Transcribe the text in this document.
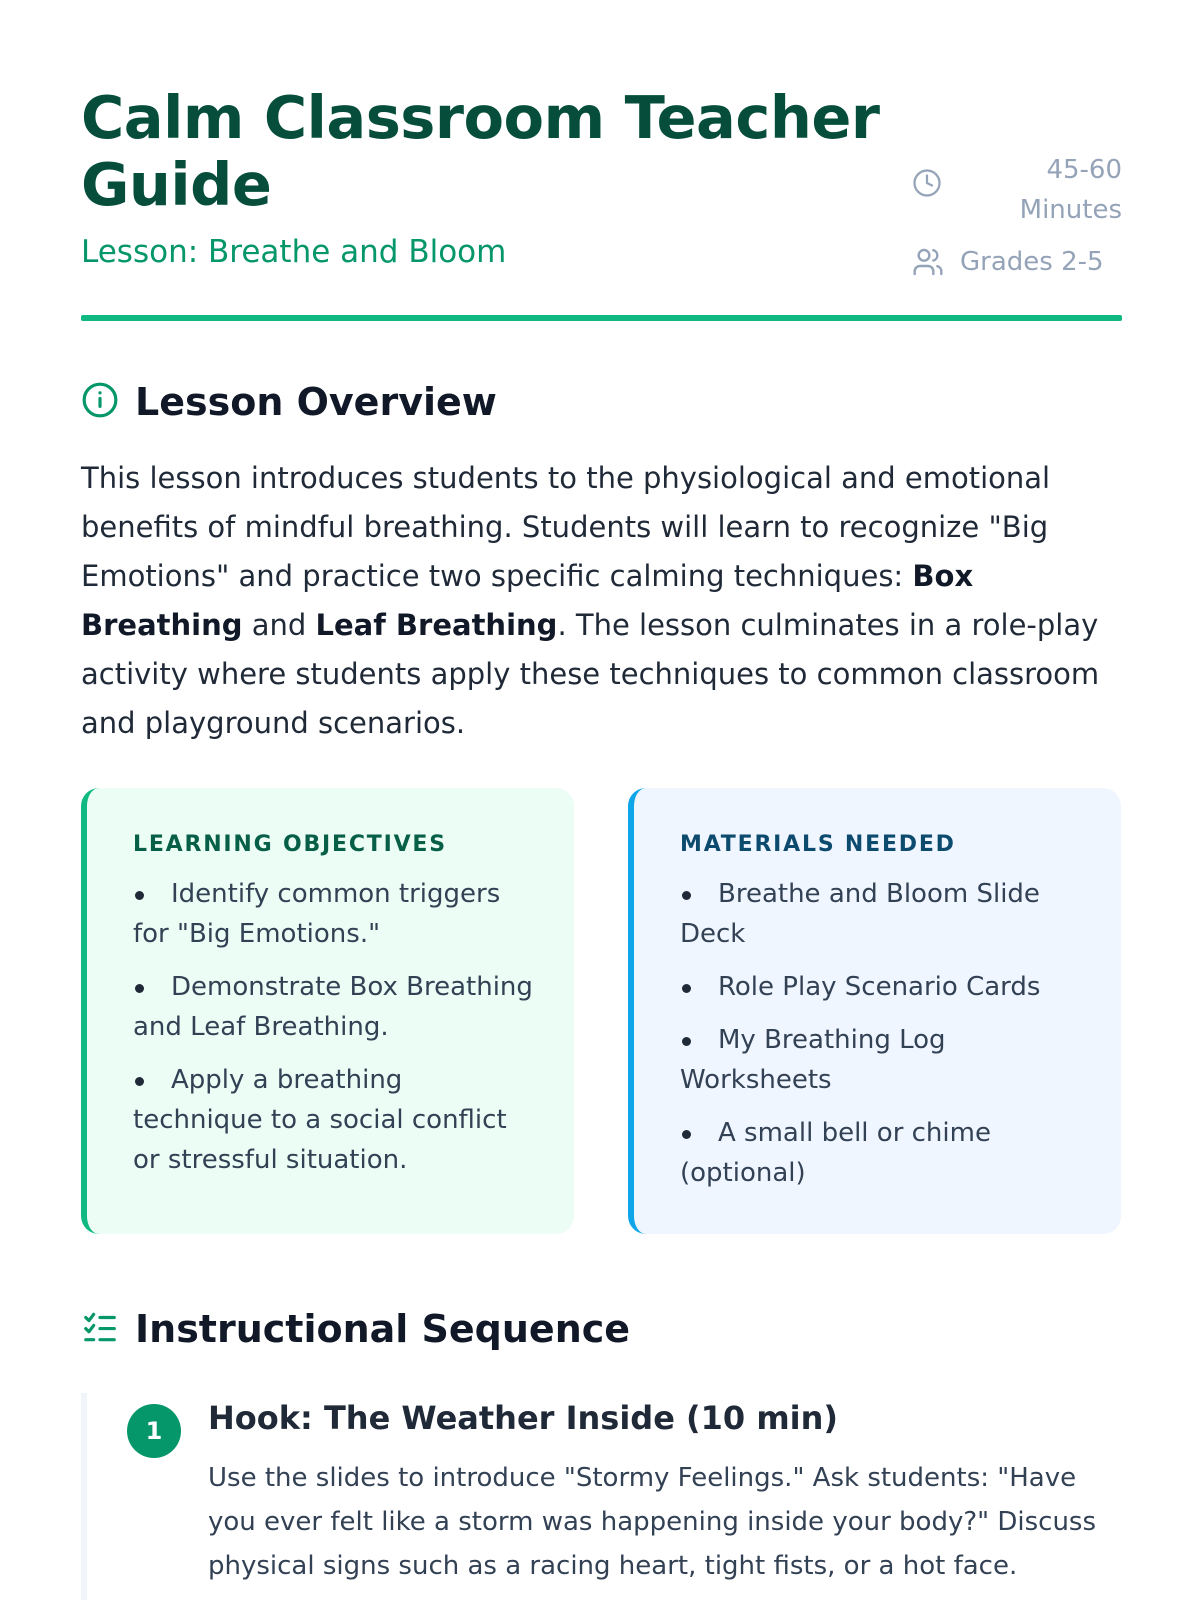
Calm Classroom Teacher Guide

Lesson: Breathe and Bloom

45-60 Minutes
Grades 2-5
Lesson Overview

This lesson introduces students to the physiological and emotional benefits of mindful breathing. Students will learn to recognize "Big Emotions" and practice two specific calming techniques: Box Breathing and Leaf Breathing. The lesson culminates in a role-play activity where students apply these techniques to common classroom and playground scenarios.

LEARNING OBJECTIVES
Identify common triggers for "Big Emotions."
Demonstrate Box Breathing and Leaf Breathing.
Apply a breathing technique to a social conflict or stressful situation.
MATERIALS NEEDED
Breathe and Bloom Slide Deck
Role Play Scenario Cards
My Breathing Log Worksheets
A small bell or chime (optional)
Instructional Sequence
1	Hook: The Weather Inside (10 min)

Use the slides to introduce "Stormy Feelings." Ask students: "Have you ever felt like a storm was happening inside your body?" Discuss physical signs such as a racing heart, tight fists, or a hot face.
